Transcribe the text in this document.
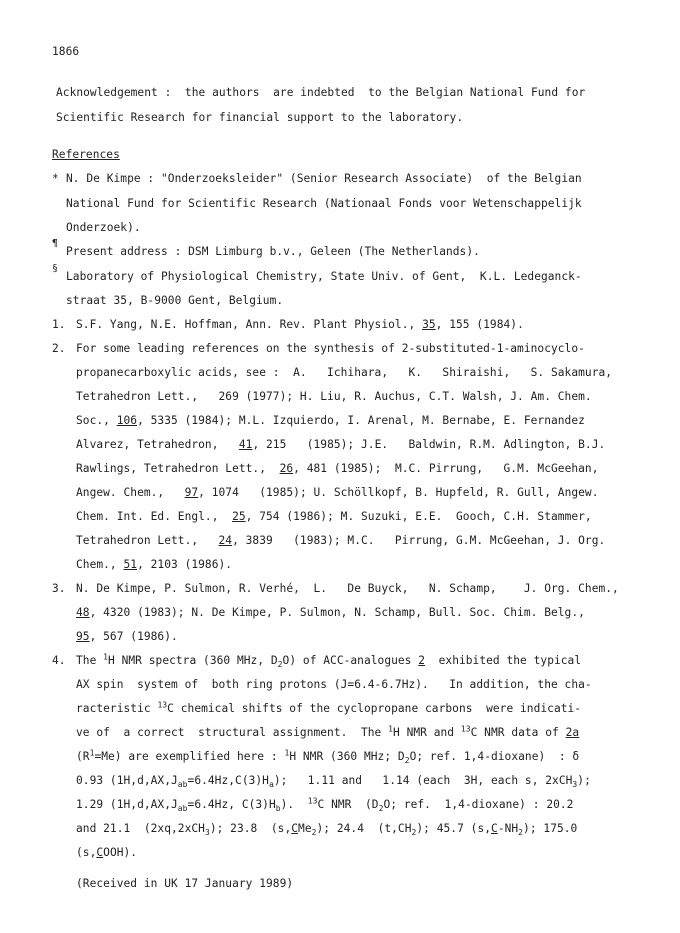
1866
Acknowledgement :  the authors  are indebted  to the Belgian National Fund for
Scientific Research for financial support to the laboratory.
References
* N. De Kimpe : "Onderzoeksleider" (Senior Research Associate)  of the Belgian
National Fund for Scientific Research (Nationaal Fonds voor Wetenschappelijk
Onderzoek).
¶
Present address : DSM Limburg b.v., Geleen (The Netherlands).
§
Laboratory of Physiological Chemistry, State Univ. of Gent,  K.L. Ledeganck-
straat 35, B-9000 Gent, Belgium.
1. S.F. Yang, N.E. Hoffman, Ann. Rev. Plant Physiol., 35, 155 (1984).
2. For some leading references on the synthesis of 2-substituted-1-aminocyclo-
propanecarboxylic acids, see :  A.   Ichihara,   K.   Shiraishi,   S. Sakamura,
Tetrahedron Lett.,   269 (1977); H. Liu, R. Auchus, C.T. Walsh, J. Am. Chem.
Soc., 106, 5335 (1984); M.L. Izquierdo, I. Arenal, M. Bernabe, E. Fernandez
Alvarez, Tetrahedron,   41, 215   (1985); J.E.   Baldwin, R.M. Adlington, B.J.
Rawlings, Tetrahedron Lett.,  26, 481 (1985);  M.C. Pirrung,   G.M. McGeehan,
Angew. Chem.,   97, 1074   (1985); U. Schöllkopf, B. Hupfeld, R. Gull, Angew.
Chem. Int. Ed. Engl.,  25, 754 (1986); M. Suzuki, E.E.  Gooch, C.H. Stammer,
Tetrahedron Lett.,   24, 3839   (1983); M.C.   Pirrung, G.M. McGeehan, J. Org.
Chem., 51, 2103 (1986).
3. N. De Kimpe, P. Sulmon, R. Verhé,  L.   De Buyck,   N. Schamp,    J. Org. Chem.,
48, 4320 (1983); N. De Kimpe, P. Sulmon, N. Schamp, Bull. Soc. Chim. Belg.,
95, 567 (1986).
4. The $^1$H NMR spectra (360 MHz, $D_2O$) of ACC-analogues 2  exhibited the typical
AX spin  system of  both ring protons (J=6.4-6.7Hz).   In addition, the cha-
racteristic $^{13}$C chemical shifts of the cyclopropane carbons  were indicati-
ve of  a correct  structural assignment.  The $^1$H NMR and $^{13}$C NMR data of 2a
$(R^1=Me)$ are exemplified here : $^1$H NMR (360 MHz; $D_2O$; ref. 1,4-dioxane)  : δ
0.93 $(1H,d,AX,J_{ab}=6.4Hz,C(3)H_a)$;   1.11 and   1.14 (each  3H, each s, 2xCH$_3$);
1.29 ($1H,d,AX,J_{ab}=6.4Hz$, $C(3)H_b$).  $^{13}$C NMR  ($D_2O$; ref.  1,4-dioxane) : 20.2
and 21.1  (2xq,2xCH$_3$); 23.8  (s,CMe$_2$); 24.4  $(t,CH_2)$; 45.7 $(s,C-NH_2)$; 175.0
(s,COOH).
(Received in UK 17 January 1989)
